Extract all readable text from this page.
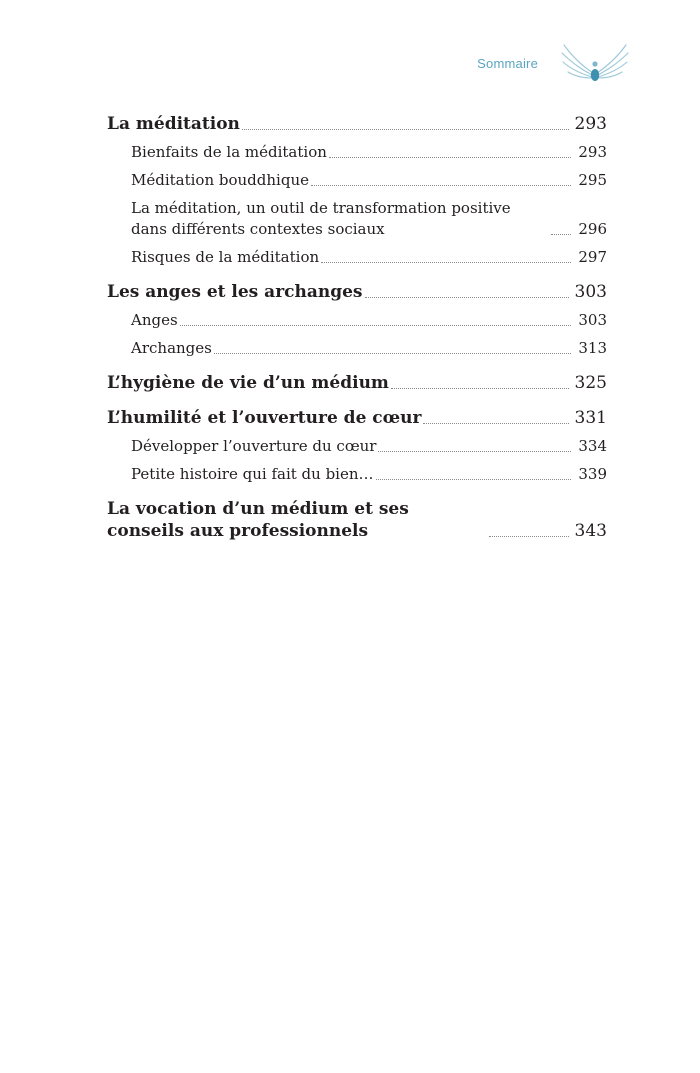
Sommaire
La méditation	293
Bienfaits de la méditation	293
Méditation bouddhique	295
La méditation, un outil de transformation positive dans différents contextes sociaux	296
Risques de la méditation	297
Les anges et les archanges	303
Anges	303
Archanges	313
L’hygiène de vie d’un médium	325
L’humilité et l’ouverture de cœur	331
Développer l’ouverture du cœur	334
Petite histoire qui fait du bien…	339
La vocation d’un médium et ses conseils aux professionnels	343
